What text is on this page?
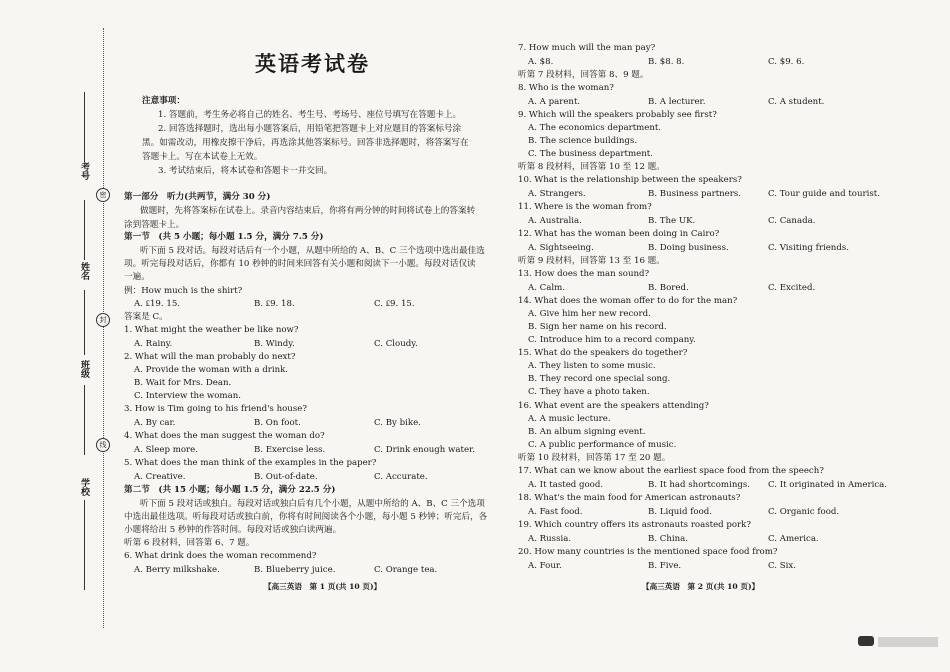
考号
姓名
班级
学校
密
封
线
英语考试卷
注意事项：
1. 答题前，考生务必将自己的姓名、考生号、考场号、座位号填写在答题卡上。
2. 回答选择题时，选出每小题答案后，用铅笔把答题卡上对应题目的答案标号涂
黑。如需改动，用橡皮擦干净后，再选涂其他答案标号。回答非选择题时，将答案写在
答题卡上。写在本试卷上无效。
3. 考试结束后，将本试卷和答题卡一并交回。
第一部分　听力(共两节，满分 30 分)
做题时，先将答案标在试卷上。录音内容结束后，你将有两分钟的时间将试卷上的答案转
涂到答题卡上。
第一节　(共 5 小题；每小题 1.5 分，满分 7.5 分)
听下面 5 段对话。每段对话后有一个小题，从题中所给的 A、B、C 三个选项中选出最佳选
项。听完每段对话后，你都有 10 秒钟的时间来回答有关小题和阅读下一小题。每段对话仅读
一遍。
例：How much is the shirt?
A. ₤19. 15.	B. ₤9. 18.	C. ₤9. 15.
答案是 C。
1. What might the weather be like now?
A. Rainy.	B. Windy.	C. Cloudy.
2. What will the man probably do next?
A. Provide the woman with a drink.
B. Wait for Mrs. Dean.
C. Interview the woman.
3. How is Tim going to his friend's house?
A. By car.	B. On foot.	C. By bike.
4. What does the man suggest the woman do?
A. Sleep more.	B. Exercise less.	C. Drink enough water.
5. What does the man think of the examples in the paper?
A. Creative.	B. Out-of-date.	C. Accurate.
第二节　(共 15 小题；每小题 1.5 分，满分 22.5 分)
听下面 5 段对话或独白。每段对话或独白后有几个小题，从题中所给的 A、B、C 三个选项
中选出最佳选项。听每段对话或独白前，你将有时间阅读各个小题，每小题 5 秒钟；听完后，各
小题将给出 5 秒钟的作答时间。每段对话或独白读两遍。
听第 6 段材料，回答第 6、7 题。
6. What drink does the woman recommend?
A. Berry milkshake.	B. Blueberry juice.	C. Orange tea.
【高三英语　第 1 页(共 10 页)】
7. How much will the man pay?
A. $8.	B. $8. 8.	C. $9. 6.
听第 7 段材料，回答第 8、9 题。
8. Who is the woman?
A. A parent.	B. A lecturer.	C. A student.
9. Which will the speakers probably see first?
A. The economics department.
B. The science buildings.
C. The business department.
听第 8 段材料，回答第 10 至 12 题。
10. What is the relationship between the speakers?
A. Strangers.	B. Business partners.	C. Tour guide and tourist.
11. Where is the woman from?
A. Australia.	B. The UK.	C. Canada.
12. What has the woman been doing in Cairo?
A. Sightseeing.	B. Doing business.	C. Visiting friends.
听第 9 段材料，回答第 13 至 16 题。
13. How does the man sound?
A. Calm.	B. Bored.	C. Excited.
14. What does the woman offer to do for the man?
A. Give him her new record.
B. Sign her name on his record.
C. Introduce him to a record company.
15. What do the speakers do together?
A. They listen to some music.
B. They record one special song.
C. They have a photo taken.
16. What event are the speakers attending?
A. A music lecture.
B. An album signing event.
C. A public performance of music.
听第 10 段材料，回答第 17 至 20 题。
17. What can we know about the earliest space food from the speech?
A. It tasted good.	B. It had shortcomings. C. It originated in America.
18. What's the main food for American astronauts?
A. Fast food.	B. Liquid food.	C. Organic food.
19. Which country offers its astronauts roasted pork?
A. Russia.	B. China.	C. America.
20. How many countries is the mentioned space food from?
A. Four.	B. Five.	C. Six.
【高三英语　第 2 页(共 10 页)】
